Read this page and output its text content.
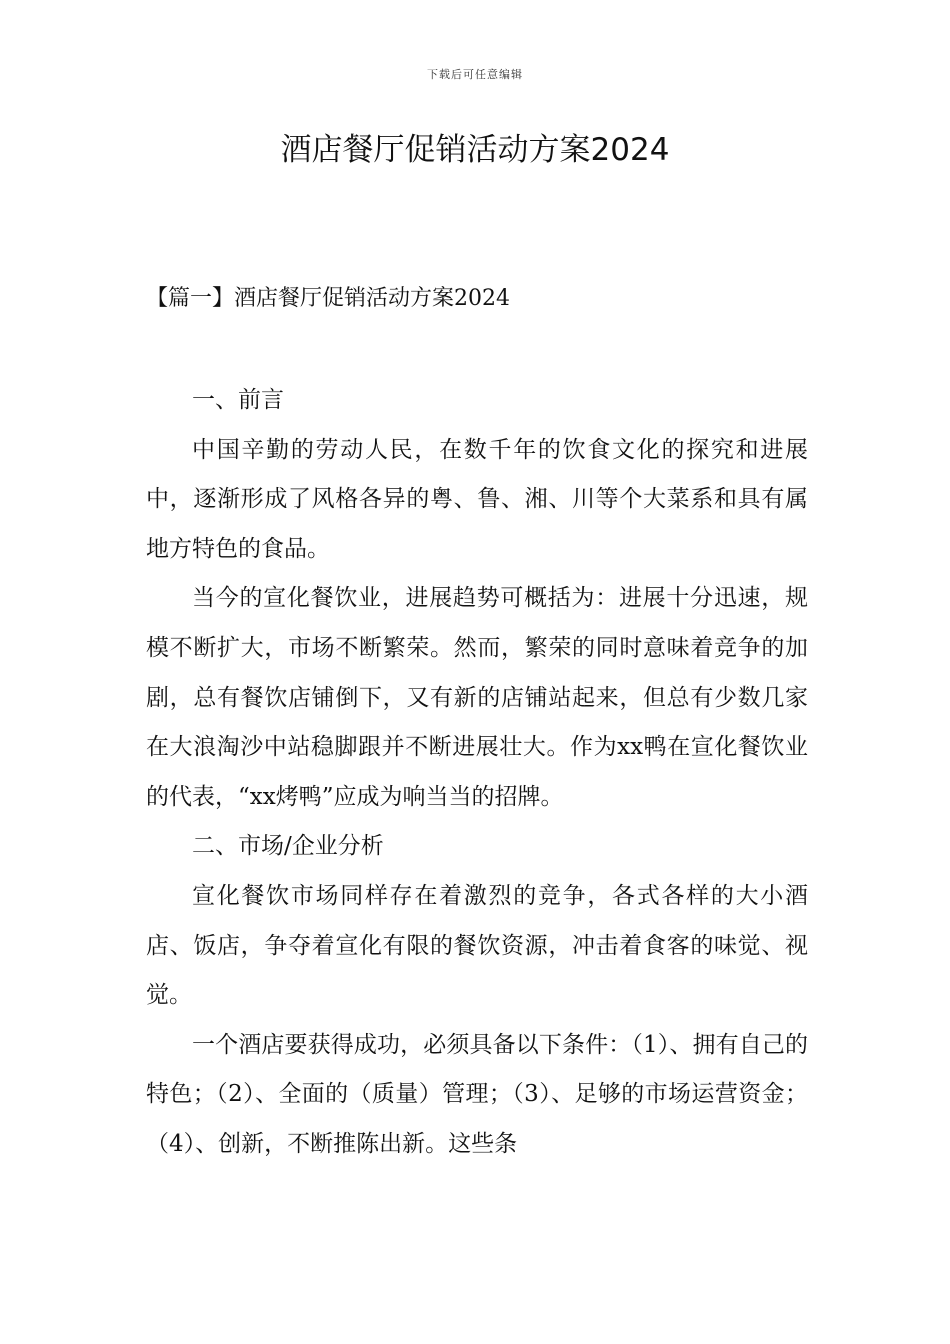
下载后可任意编辑
酒店餐厅促销活动方案2024
【篇一】酒店餐厅促销活动方案2024

一、前言

中国辛勤的劳动人民，在数千年的饮食文化的探究和进展中，逐渐形成了风格各异的粤、鲁、湘、川等个大菜系和具有属地方特色的食品。

当今的宣化餐饮业，进展趋势可概括为：进展十分迅速，规模不断扩大，市场不断繁荣。然而，繁荣的同时意味着竞争的加剧，总有餐饮店铺倒下，又有新的店铺站起来，但总有少数几家在大浪淘沙中站稳脚跟并不断进展壮大。作为xx鸭在宣化餐饮业的代表，“xx烤鸭”应成为响当当的招牌。

二、市场/企业分析

宣化餐饮市场同样存在着激烈的竞争，各式各样的大小酒店、饭店，争夺着宣化有限的餐饮资源，冲击着食客的味觉、视觉。

一个酒店要获得成功，必须具备以下条件：（1）、拥有自己的特色；（2）、全面的（质量）管理；（3）、足够的市场运营资金；（4）、创新，不断推陈出新。这些条
